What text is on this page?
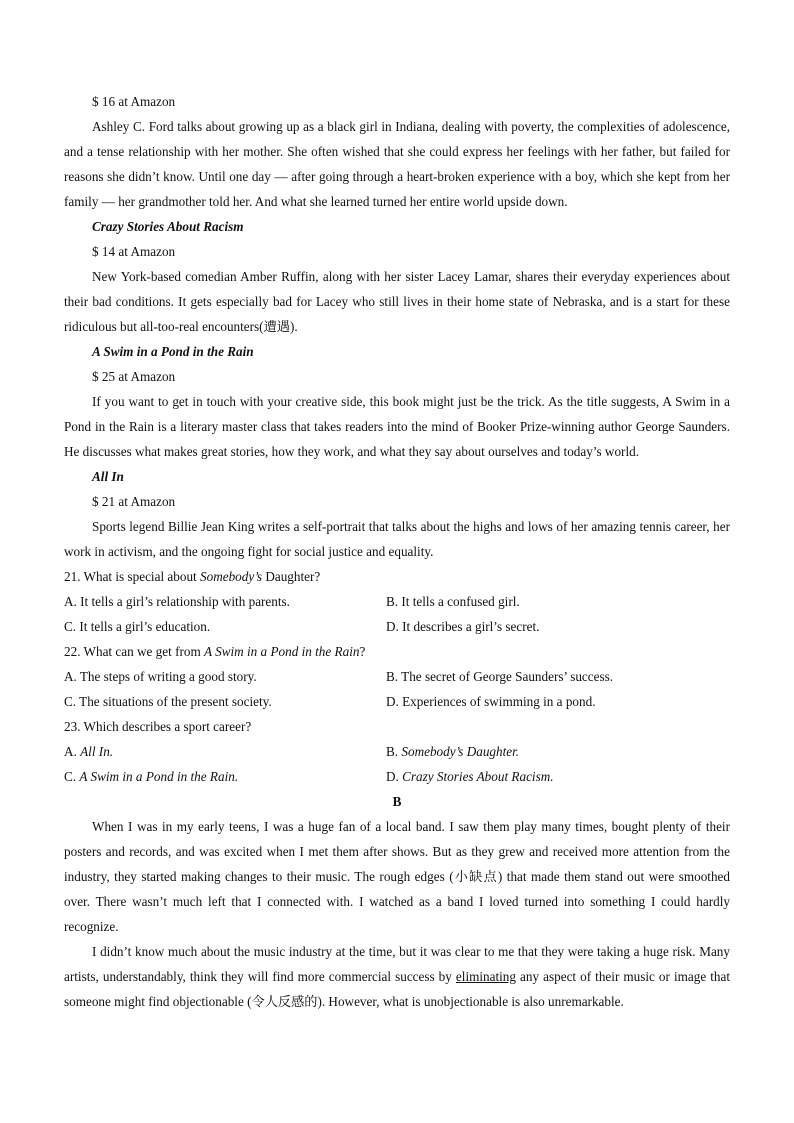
$ 16 at Amazon

Ashley C. Ford talks about growing up as a black girl in Indiana, dealing with poverty, the complexities of adolescence, and a tense relationship with her mother. She often wished that she could express her feelings with her father, but failed for reasons she didn’t know. Until one day — after going through a heart-broken experience with a boy, which she kept from her family — her grandmother told her. And what she learned turned her entire world upside down.

Crazy Stories About Racism

$ 14 at Amazon

New York-based comedian Amber Ruffin, along with her sister Lacey Lamar, shares their everyday experiences about their bad conditions. It gets especially bad for Lacey who still lives in their home state of Nebraska, and is a start for these ridiculous but all-too-real encounters(遭遇).

A Swim in a Pond in the Rain

$ 25 at Amazon

If you want to get in touch with your creative side, this book might just be the trick. As the title suggests, A Swim in a Pond in the Rain is a literary master class that takes readers into the mind of Booker Prize-winning author George Saunders. He discusses what makes great stories, how they work, and what they say about ourselves and today’s world.

All In

$ 21 at Amazon

Sports legend Billie Jean King writes a self-portrait that talks about the highs and lows of her amazing tennis career, her work in activism, and the ongoing fight for social justice and equality.

21. What is special about Somebody’s Daughter?

A. It tells a girl’s relationship with parents.	B. It tells a confused girl.
C. It tells a girl’s education.	D. It describes a girl’s secret.

22. What can we get from A Swim in a Pond in the Rain?

A. The steps of writing a good story.	B. The secret of George Saunders’ success.
C. The situations of the present society.	D. Experiences of swimming in a pond.

23. Which describes a sport career?

A. All In.	B. Somebody’s Daughter.
C. A Swim in a Pond in the Rain.	D. Crazy Stories About Racism.

B

When I was in my early teens, I was a huge fan of a local band. I saw them play many times, bought plenty of their posters and records, and was excited when I met them after shows. But as they grew and received more attention from the industry, they started making changes to their music. The rough edges (小缺点) that made them stand out were smoothed over. There wasn’t much left that I connected with. I watched as a band I loved turned into something I could hardly recognize.

I didn’t know much about the music industry at the time, but it was clear to me that they were taking a huge risk. Many artists, understandably, think they will find more commercial success by eliminating any aspect of their music or image that someone might find objectionable (令人反感的). However, what is unobjectionable is also unremarkable.
